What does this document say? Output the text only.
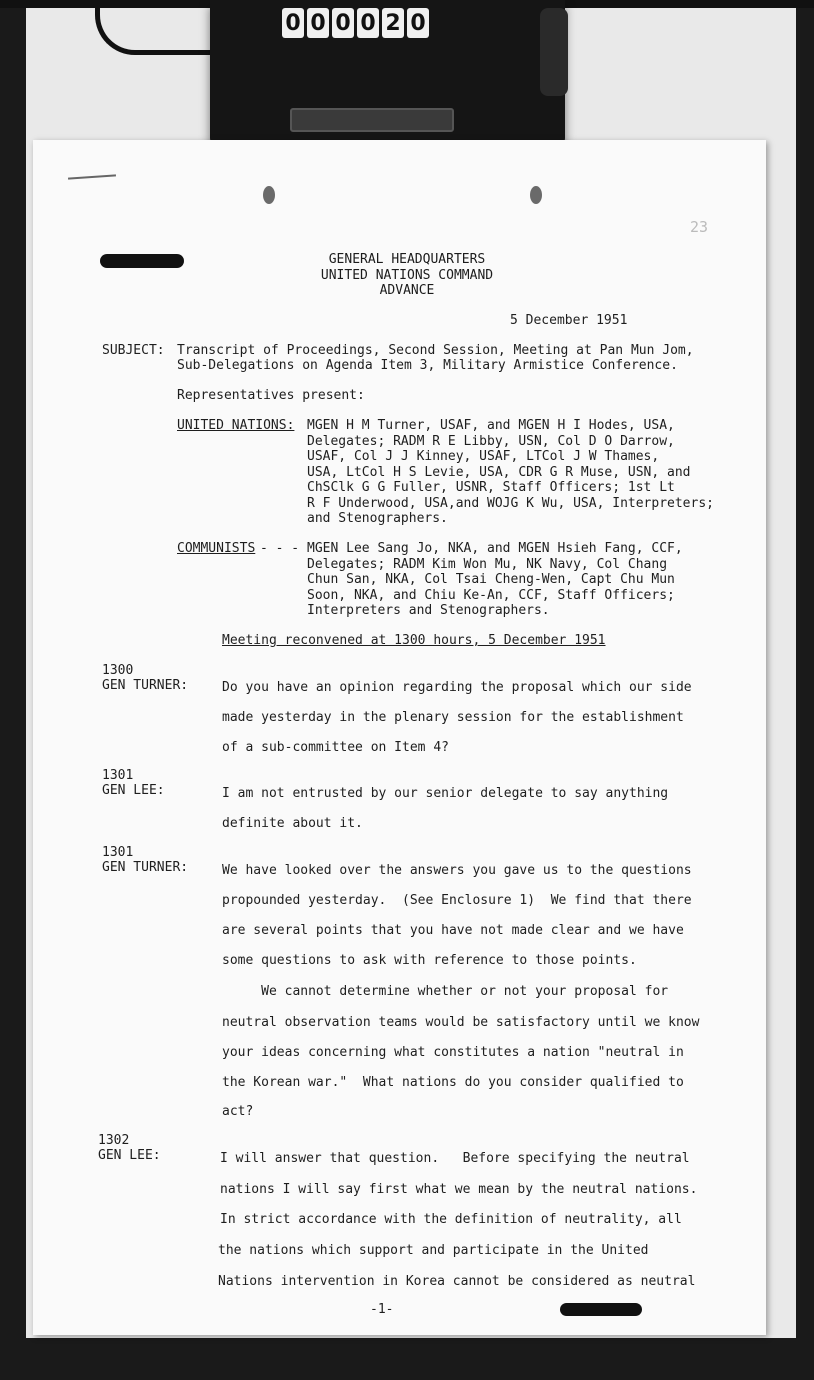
0 0 0 0 2 0
23
GENERAL HEADQUARTERS
UNITED NATIONS COMMAND
ADVANCE
5 December 1951
SUBJECT: Transcript of Proceedings, Second Session, Meeting at Pan Mun Jom,
Sub-Delegations on Agenda Item 3, Military Armistice Conference.
Representatives present:
UNITED NATIONS: MGEN H M Turner, USAF, and MGEN H I Hodes, USA,
Delegates; RADM R E Libby, USN, Col D O Darrow,
USAF, Col J J Kinney, USAF, LTCol J W Thames,
USA, LtCol H S Levie, USA, CDR G R Muse, USN, and
ChSClk G G Fuller, USNR, Staff Officers; 1st Lt
R F Underwood, USA,and WOJG K Wu, USA, Interpreters;
and Stenographers.
COMMUNISTS - - - MGEN Lee Sang Jo, NKA, and MGEN Hsieh Fang, CCF,
Delegates; RADM Kim Won Mu, NK Navy, Col Chang
Chun San, NKA, Col Tsai Cheng-Wen, Capt Chu Mun
Soon, NKA, and Chiu Ke-An, CCF, Staff Officers;
Interpreters and Stenographers.
Meeting reconvened at 1300 hours, 5 December 1951
1300
GEN TURNER:	Do you have an opinion regarding the proposal which our side
made yesterday in the plenary session for the establishment
of a sub-committee on Item 4?
1301
GEN LEE:	I am not entrusted by our senior delegate to say anything
definite about it.
1301
GEN TURNER:	We have looked over the answers you gave us to the questions
propounded yesterday.  (See Enclosure 1)  We find that there
are several points that you have not made clear and we have
some questions to ask with reference to those points.
We cannot determine whether or not your proposal for
neutral observation teams would be satisfactory until we know
your ideas concerning what constitutes a nation "neutral in
the Korean war."  What nations do you consider qualified to
act?
1302
GEN LEE:	I will answer that question.   Before specifying the neutral
nations I will say first what we mean by the neutral nations.
In strict accordance with the definition of neutrality, all
the nations which support and participate in the United
Nations intervention in Korea cannot be considered as neutral
-1-
